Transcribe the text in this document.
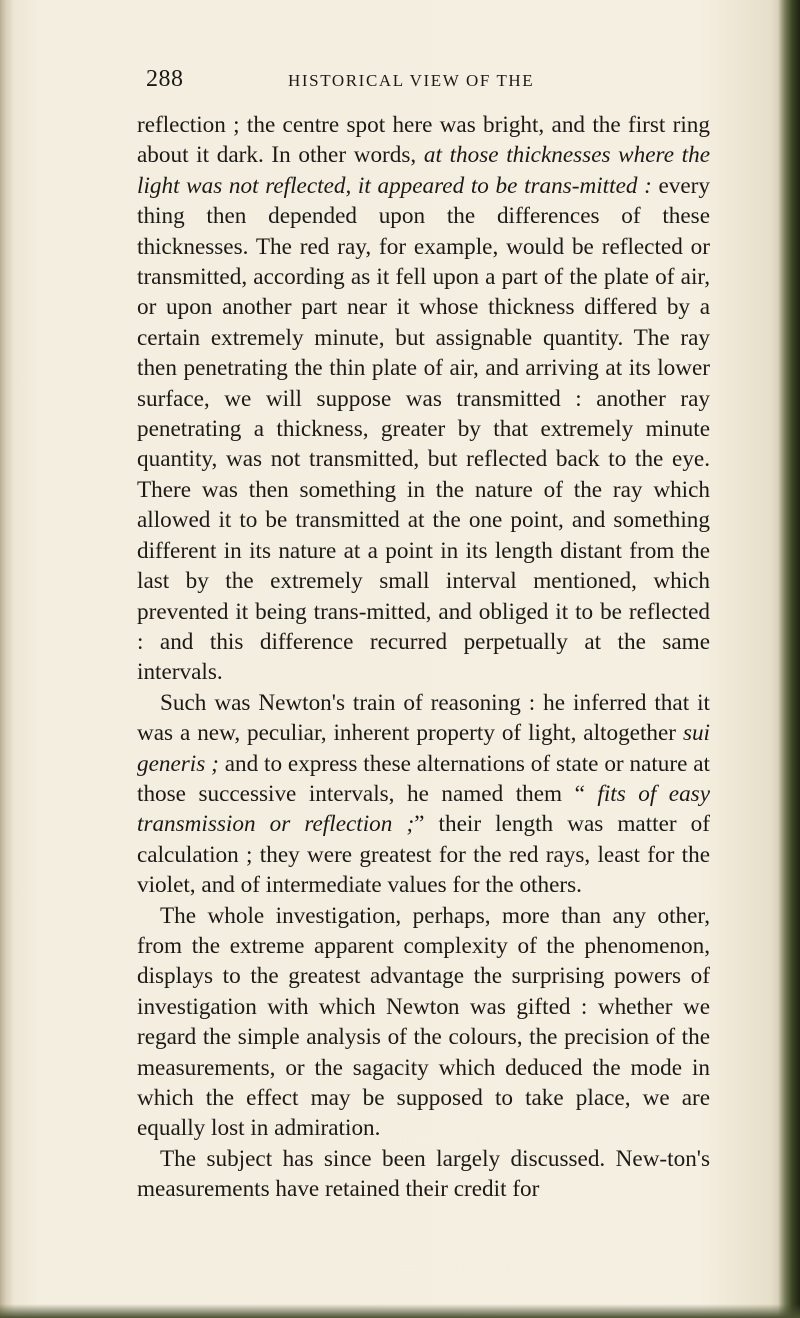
288	HISTORICAL VIEW OF THE

reflection ; the centre spot here was bright, and the first ring about it dark. In other words, at those thicknesses where the light was not reflected, it appeared to be trans-mitted : every thing then depended upon the differences of these thicknesses. The red ray, for example, would be reflected or transmitted, according as it fell upon a part of the plate of air, or upon another part near it whose thickness differed by a certain extremely minute, but assignable quantity. The ray then penetrating the thin plate of air, and arriving at its lower surface, we will suppose was transmitted : another ray penetrating a thickness, greater by that extremely minute quantity, was not transmitted, but reflected back to the eye. There was then something in the nature of the ray which allowed it to be transmitted at the one point, and something different in its nature at a point in its length distant from the last by the extremely small interval mentioned, which prevented it being trans-mitted, and obliged it to be reflected : and this difference recurred perpetually at the same intervals.

Such was Newton's train of reasoning : he inferred that it was a new, peculiar, inherent property of light, altogether sui generis ; and to express these alternations of state or nature at those successive intervals, he named them “ fits of easy transmission or reflection ;” their length was matter of calculation ; they were greatest for the red rays, least for the violet, and of intermediate values for the others.

The whole investigation, perhaps, more than any other, from the extreme apparent complexity of the phenomenon, displays to the greatest advantage the surprising powers of investigation with which Newton was gifted : whether we regard the simple analysis of the colours, the precision of the measurements, or the sagacity which deduced the mode in which the effect may be supposed to take place, we are equally lost in admiration.

The subject has since been largely discussed. New-ton's measurements have retained their credit for
